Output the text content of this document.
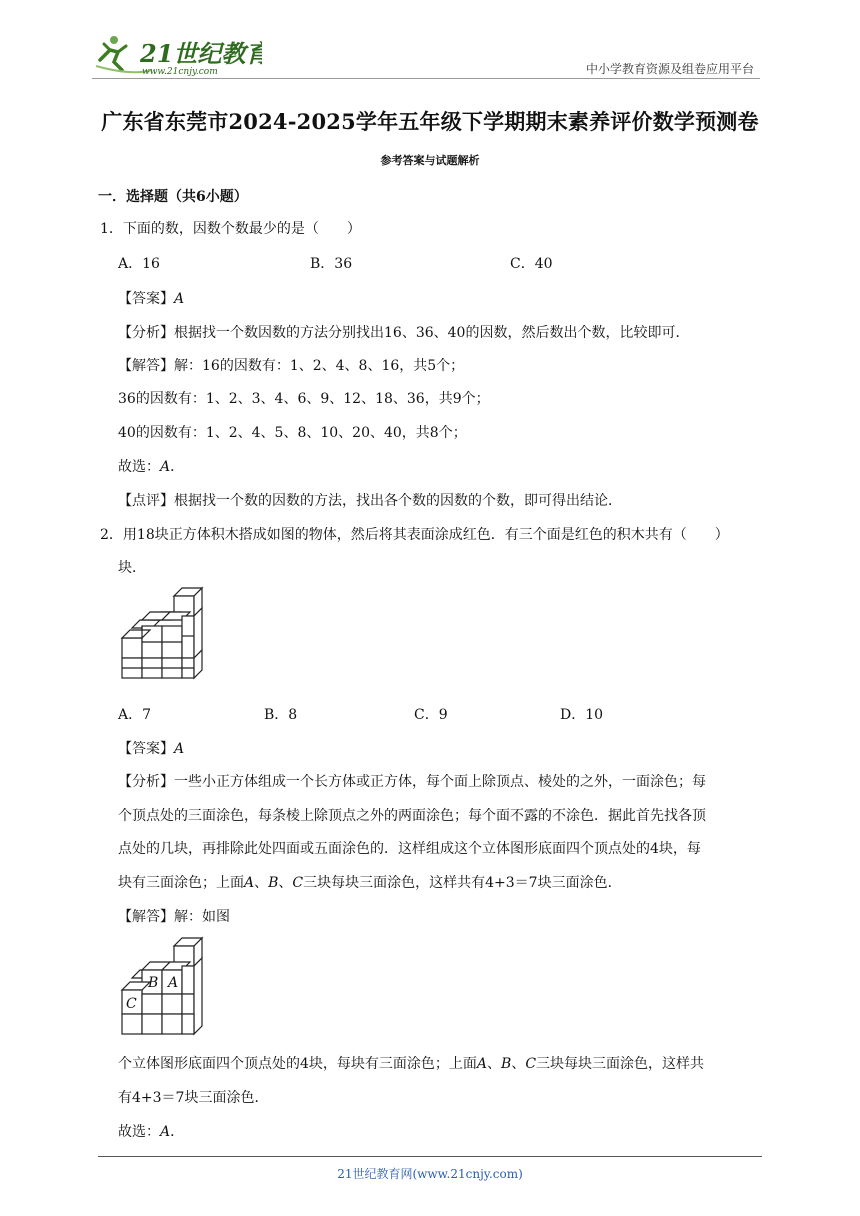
21世纪教育
www.21cnjy.com	中小学教育资源及组卷应用平台
广东省东莞市2024-2025学年五年级下学期期末素养评价数学预测卷
参考答案与试题解析
一．选择题（共6小题）
1．下面的数，因数个数最少的是（　　）
A．16	B．36	C．40
【答案】A
【分析】根据找一个数因数的方法分别找出16、36、40的因数，然后数出个数，比较即可．
【解答】解：16的因数有：1、2、4、8、16，共5个；
36的因数有：1、2、3、4、6、9、12、18、36，共9个；
40的因数有：1、2、4、5、8、10、20、40，共8个；
故选：A．
【点评】根据找一个数的因数的方法，找出各个数的因数的个数，即可得出结论．
2．用18块正方体积木搭成如图的物体，然后将其表面涂成红色．有三个面是红色的积木共有（　　）
块．
A．7	B．8	C．9	D．10
【答案】A
【分析】一些小正方体组成一个长方体或正方体，每个面上除顶点、棱处的之外，一面涂色；每
个顶点处的三面涂色，每条棱上除顶点之外的两面涂色；每个面不露的不涂色．据此首先找各顶
点处的几块，再排除此处四面或五面涂色的．这样组成这个立体图形底面四个顶点处的4块，每
块有三面涂色；上面A、B、C三块每块三面涂色，这样共有4+3＝7块三面涂色．
【解答】解：如图
B A
C
个立体图形底面四个顶点处的4块，每块有三面涂色；上面A、B、C三块每块三面涂色，这样共
有4+3＝7块三面涂色．
故选：A．
21世纪教育网(www.21cnjy.com)
